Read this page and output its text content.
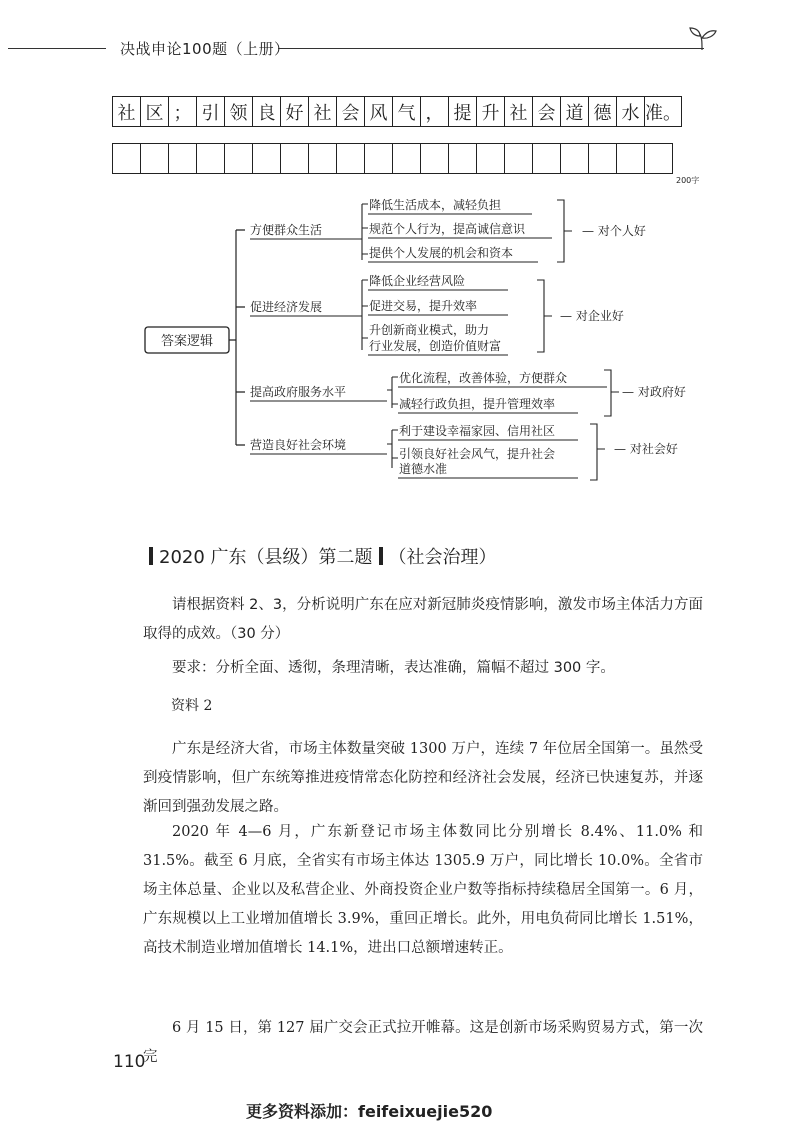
决战申论100题（上册）
社	区	；	引	领	良	好	社	会	风	气	，	提	升	社	会	道	德	水	准。

200字
答案逻辑
方便群众生活
促进经济发展
提高政府服务水平
营造良好社会环境
降低生活成本，减轻负担
规范个人行为，提高诚信意识
提供个人发展的机会和资本
降低企业经营风险
促进交易，提升效率
升创新商业模式，助力
行业发展，创造价值财富
优化流程，改善体验，方便群众
减轻行政负担，提升管理效率
利于建设幸福家园、信用社区
引领良好社会风气，提升社会
道德水准
— 对个人好
— 对企业好
— 对政府好
— 对社会好
2020 广东（县级）第二题 （社会治理）
请根据资料 2、3，分析说明广东在应对新冠肺炎疫情影响，激发市场主体活力方面取得的成效。（30 分）
要求：分析全面、透彻，条理清晰，表达准确，篇幅不超过 300 字。
资料 2
广东是经济大省，市场主体数量突破 1300 万户，连续 7 年位居全国第一。虽然受到疫情影响，但广东统筹推进疫情常态化防控和经济社会发展，经济已快速复苏，并逐渐回到强劲发展之路。
2020 年 4—6 月，广东新登记市场主体数同比分别增长 8.4%、11.0% 和 31.5%。截至 6 月底，全省实有市场主体达 1305.9 万户，同比增长 10.0%。全省市场主体总量、企业以及私营企业、外商投资企业户数等指标持续稳居全国第一。6 月，广东规模以上工业增加值增长 3.9%，重回正增长。此外，用电负荷同比增长 1.51%，高技术制造业增加值增长 14.1%，进出口总额增速转正。
6 月 15 日，第 127 届广交会正式拉开帷幕。这是创新市场采购贸易方式，第一次完
110
更多资料添加：feifeixuejie520
